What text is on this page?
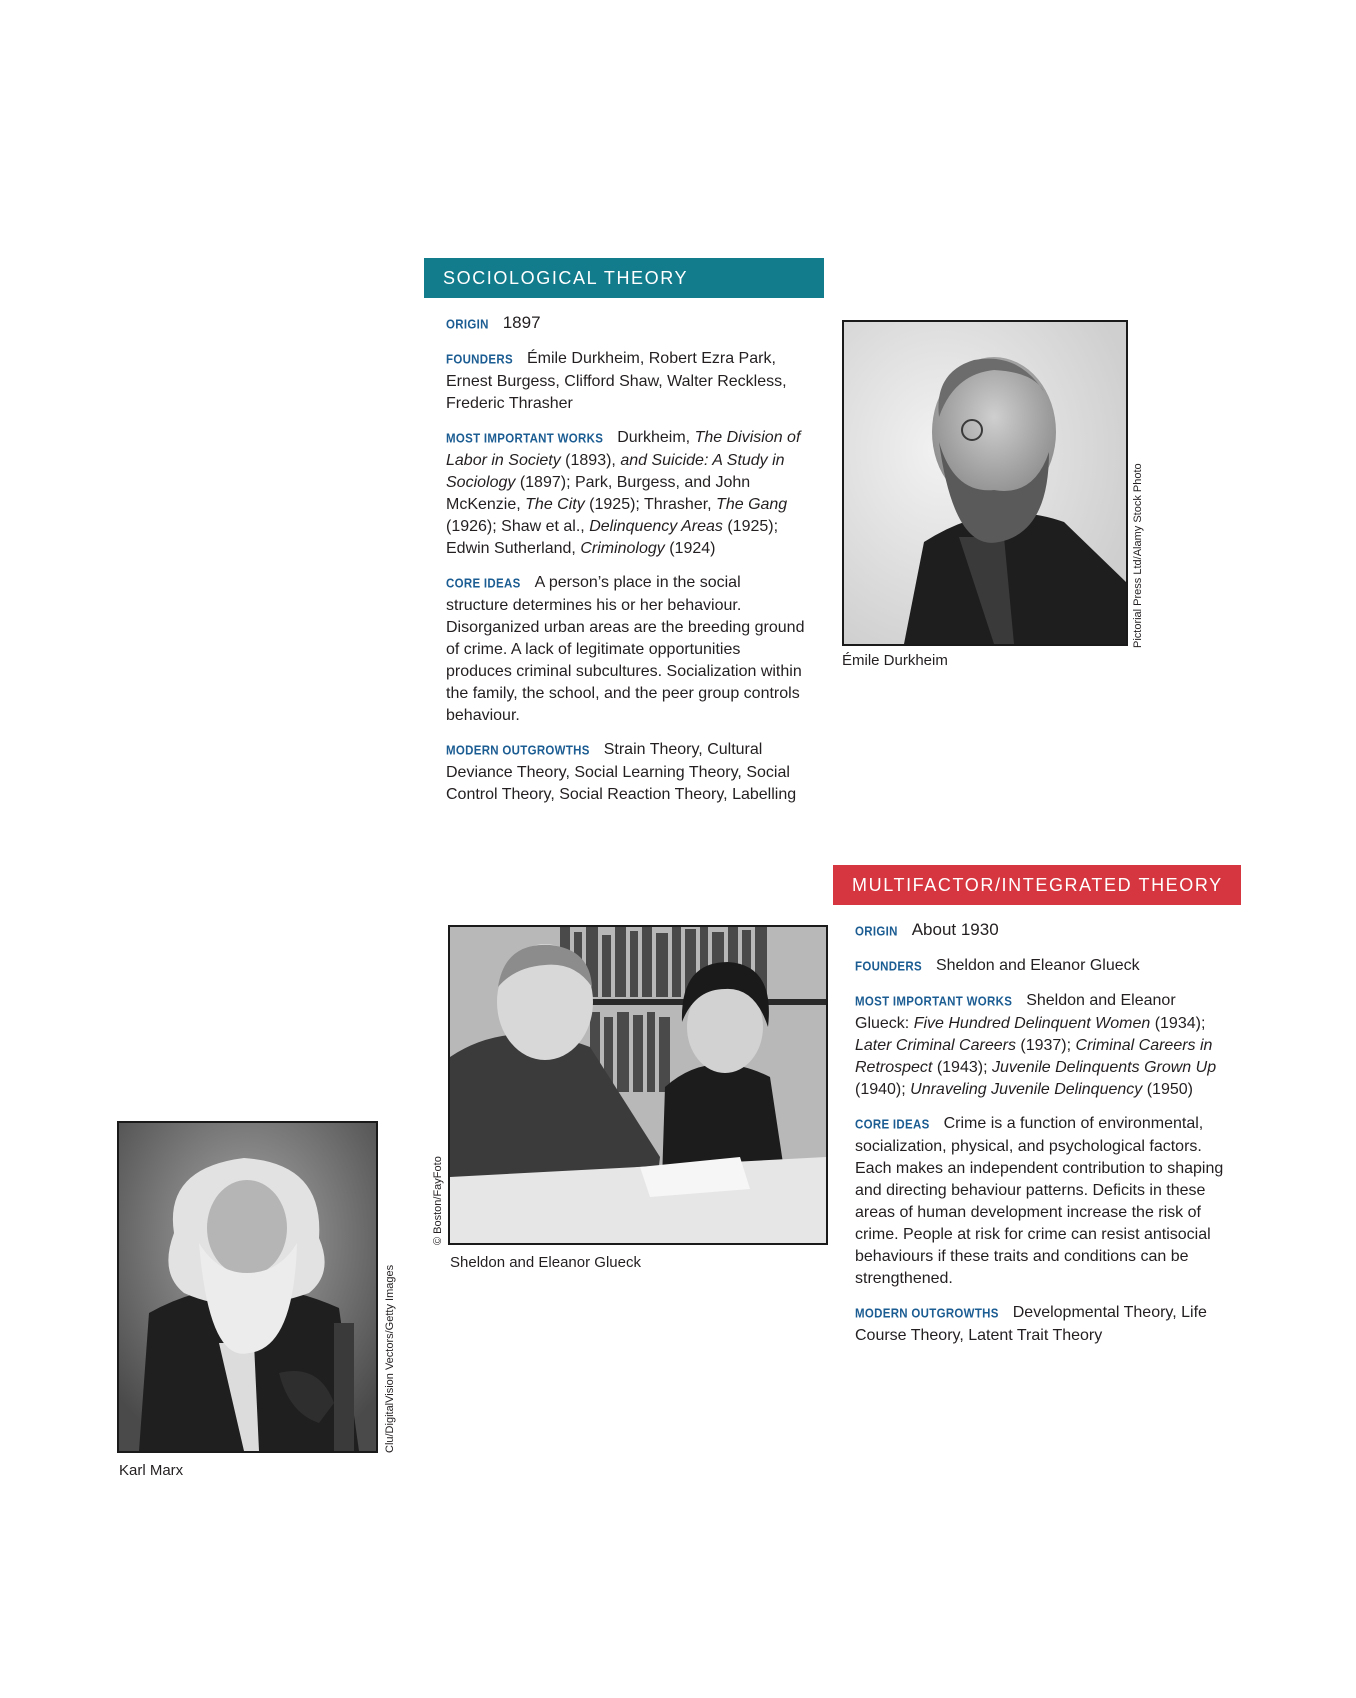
SOCIOLOGICAL THEORY

ORIGIN 1897

FOUNDERS Émile Durkheim, Robert Ezra Park, Ernest Burgess, Clifford Shaw, Walter Reckless, Frederic Thrasher

MOST IMPORTANT WORKS Durkheim, The Division of Labor in Society (1893), and Suicide: A Study in Sociology (1897); Park, Burgess, and John McKenzie, The City (1925); Thrasher, The Gang (1926); Shaw et al., Delinquency Areas (1925); Edwin Sutherland, Criminology (1924)

CORE IDEAS A person’s place in the social structure determines his or her behaviour. Disorganized urban areas are the breeding ground of crime. A lack of legitimate opportunities produces criminal subcultures. Socialization within the family, the school, and the peer group controls behaviour.

MODERN OUTGROWTHS Strain Theory, Cultural Deviance Theory, Social Learning Theory, Social Control Theory, Social Reaction Theory, Labelling

Pictorial Press Ltd/Alamy Stock Photo
Émile Durkheim
MULTIFACTOR/INTEGRATED THEORY

ORIGIN About 1930

FOUNDERS Sheldon and Eleanor Glueck

MOST IMPORTANT WORKS Sheldon and Eleanor Glueck: Five Hundred Delinquent Women (1934); Later Criminal Careers (1937); Criminal Careers in Retrospect (1943); Juvenile Delinquents Grown Up (1940); Unraveling Juvenile Delinquency (1950)

CORE IDEAS Crime is a function of environmental, socialization, physical, and psychological factors. Each makes an independent contribution to shaping and directing behaviour patterns. Deficits in these areas of human development increase the risk of crime. People at risk for crime can resist antisocial behaviours if these traits and conditions can be strengthened.

MODERN OUTGROWTHS Developmental Theory, Life Course Theory, Latent Trait Theory

© Boston/FayFoto
Sheldon and Eleanor Glueck
Clu/DigitalVision Vectors/Getty Images
Karl Marx
